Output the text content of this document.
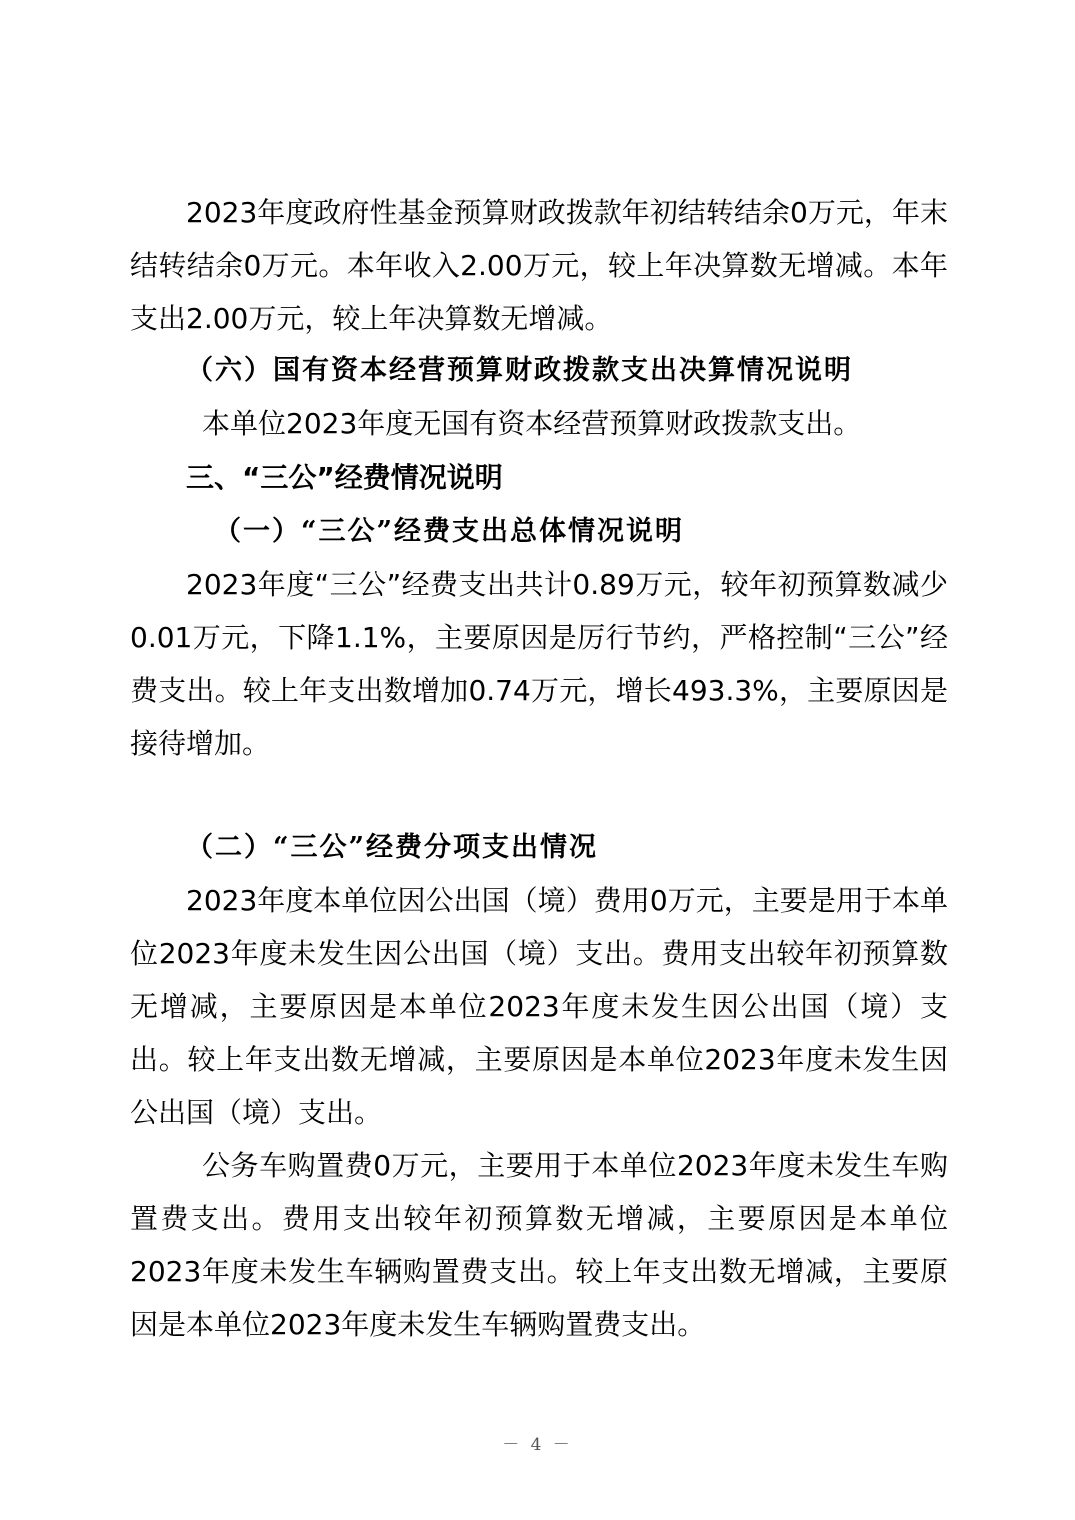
2023年度政府性基金预算财政拨款年初结转结余0万元，年末结转结余0万元。本年收入2.00万元，较上年决算数无增减。本年支出2.00万元，较上年决算数无增减。

（六）国有资本经营预算财政拨款支出决算情况说明

本单位2023年度无国有资本经营预算财政拨款支出。

三、“三公”经费情况说明

（一）“三公”经费支出总体情况说明

2023年度“三公”经费支出共计0.89万元，较年初预算数减少0.01万元，下降1.1%，主要原因是厉行节约，严格控制“三公”经费支出。较上年支出数增加0.74万元，增长493.3%，主要原因是接待增加。

（二）“三公”经费分项支出情况

2023年度本单位因公出国（境）费用0万元，主要是用于本单位2023年度未发生因公出国（境）支出。费用支出较年初预算数无增减，主要原因是本单位2023年度未发生因公出国（境）支出。较上年支出数无增减，主要原因是本单位2023年度未发生因公出国（境）支出。

公务车购置费0万元，主要用于本单位2023年度未发生车购置费支出。费用支出较年初预算数无增减，主要原因是本单位2023年度未发生车辆购置费支出。较上年支出数无增减，主要原因是本单位2023年度未发生车辆购置费支出。

－ 4 －
